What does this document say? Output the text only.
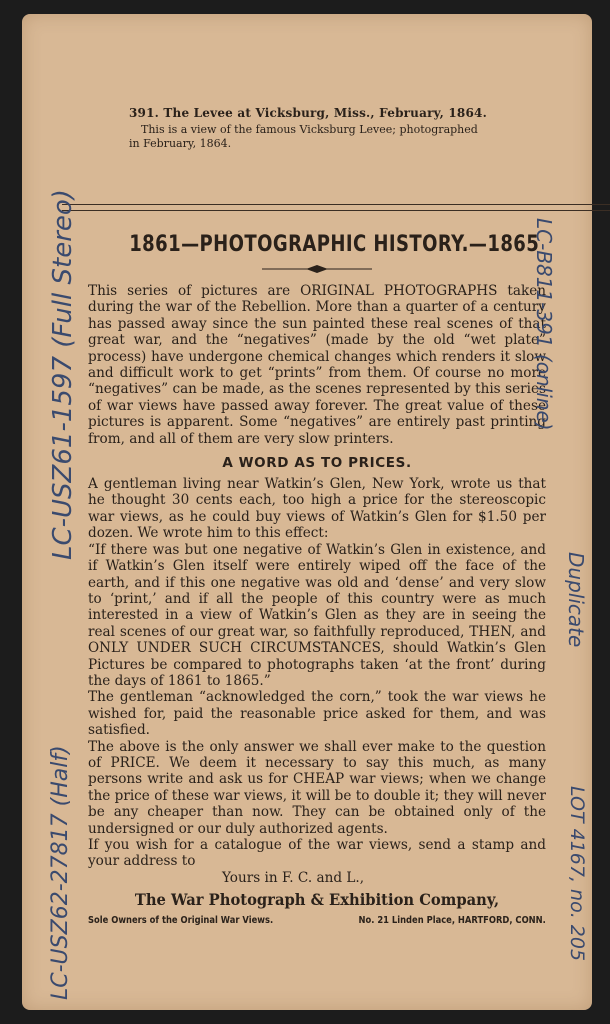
391. The Levee at Vicksburg, Miss., February, 1864.
This is a view of the famous Vicksburg Levee; photographed
in February, 1864.
1861—PHOTOGRAPHIC HISTORY.—1865

This series of pictures are ORIGINAL PHOTOGRAPHS taken during the war of the Rebellion. More than a quarter of a century has passed away since the sun painted these real scenes of that great war, and the “negatives” (made by the old “wet plate” process) have undergone chemical changes which renders it slow and difficult work to get “prints” from them. Of course no more “negatives” can be made, as the scenes represented by this series of war views have passed away forever. The great value of these pictures is apparent. Some “negatives” are entirely past printing from, and all of them are very slow printers.

A WORD AS TO PRICES.

A gentleman living near Watkin’s Glen, New York, wrote us that he thought 30 cents each, too high a price for the stereoscopic war views, as he could buy views of Watkin’s Glen for $1.50 per dozen. We wrote him to this effect:

“If there was but one negative of Watkin’s Glen in existence, and if Watkin’s Glen itself were entirely wiped off the face of the earth, and if this one negative was old and ‘dense’ and very slow to ‘print,’ and if all the people of this country were as much interested in a view of Watkin’s Glen as they are in seeing the real scenes of our great war, so faithfully reproduced, THEN, and ONLY UNDER SUCH CIRCUMSTANCES, should Watkin’s Glen Pictures be compared to photographs taken ‘at the front’ during the days of 1861 to 1865.”

The gentleman “acknowledged the corn,” took the war views he wished for, paid the reasonable price asked for them, and was satisfied.

The above is the only answer we shall ever make to the question of PRICE. We deem it necessary to say this much, as many persons write and ask us for CHEAP war views; when we change the price of these war views, it will be to double it; they will never be any cheaper than now. They can be obtained only of the undersigned or our duly authorized agents.

If you wish for a catalogue of the war views, send a stamp and your address to

Yours in F. C. and L.,
The War Photograph & Exhibition Company,
Sole Owners of the Original War Views.	No. 21 Linden Place, HARTFORD, CONN.
LC-USZ61-1597 (Full Stereo)
LC-USZ62-27817 (Half)
LC-B811-391 (online)
Duplicate
LOT 4167, no. 205
